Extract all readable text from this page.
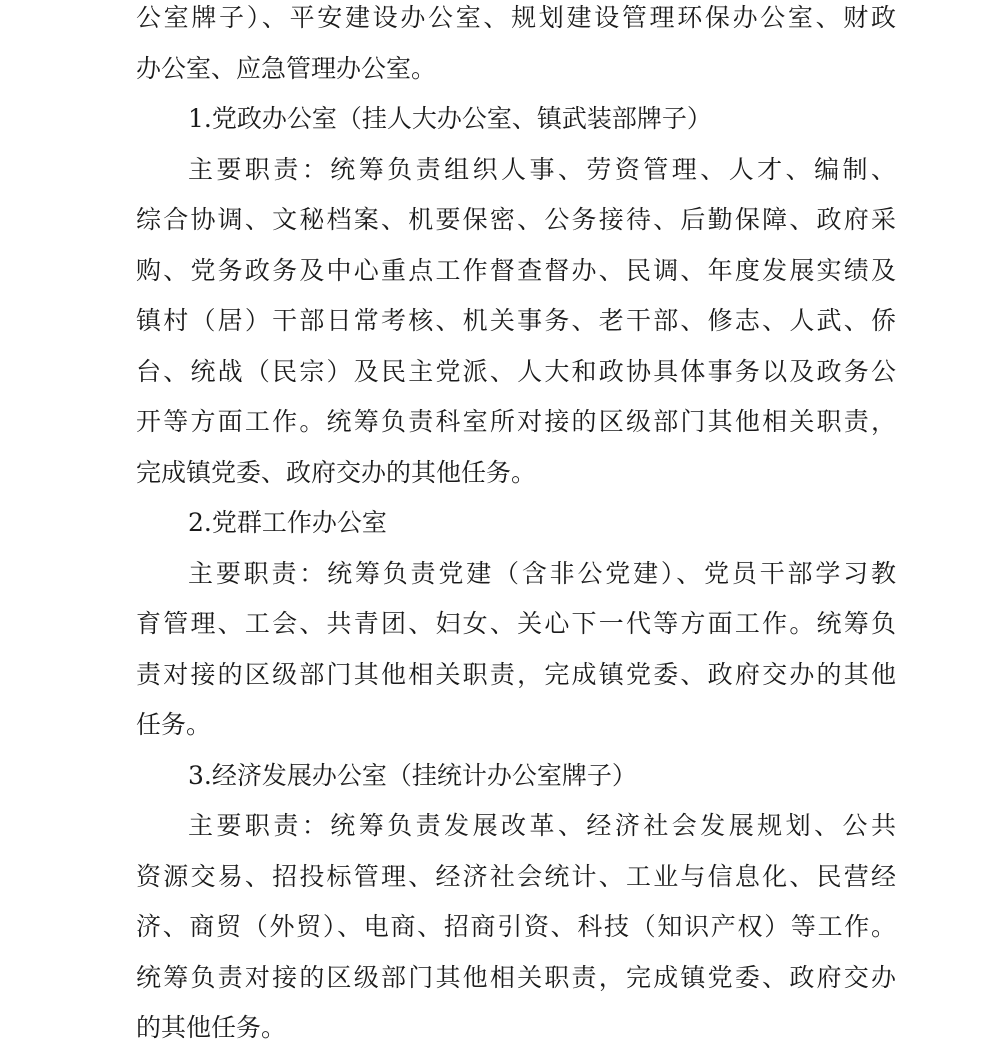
公室牌子）、平安建设办公室、规划建设管理环保办公室、财政
办公室、应急管理办公室。
1.党政办公室（挂人大办公室、镇武装部牌子）
主要职责：统筹负责组织人事、劳资管理、人才、编制、
综合协调、文秘档案、机要保密、公务接待、后勤保障、政府采
购、党务政务及中心重点工作督查督办、民调、年度发展实绩及
镇村（居）干部日常考核、机关事务、老干部、修志、人武、侨
台、统战（民宗）及民主党派、人大和政协具体事务以及政务公
开等方面工作。统筹负责科室所对接的区级部门其他相关职责，
完成镇党委、政府交办的其他任务。
2.党群工作办公室
主要职责：统筹负责党建（含非公党建）、党员干部学习教
育管理、工会、共青团、妇女、关心下一代等方面工作。统筹负
责对接的区级部门其他相关职责，完成镇党委、政府交办的其他
任务。
3.经济发展办公室（挂统计办公室牌子）
主要职责：统筹负责发展改革、经济社会发展规划、公共
资源交易、招投标管理、经济社会统计、工业与信息化、民营经
济、商贸（外贸）、电商、招商引资、科技（知识产权）等工作。
统筹负责对接的区级部门其他相关职责，完成镇党委、政府交办
的其他任务。
